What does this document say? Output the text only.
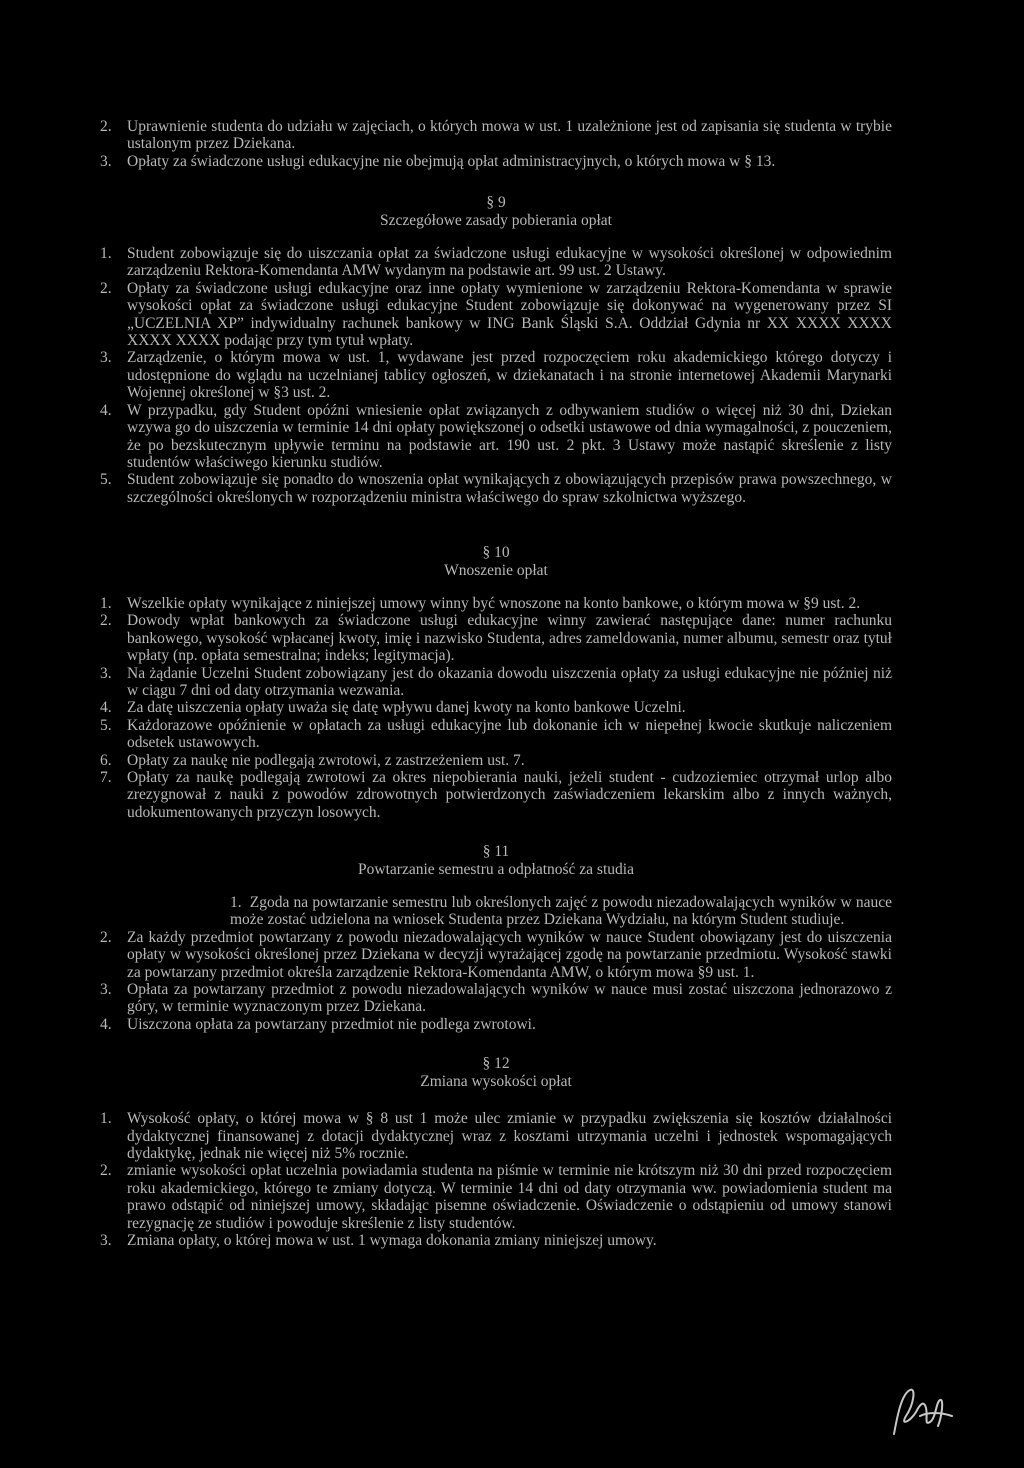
2. Uprawnienie studenta do udziału w zajęciach, o których mowa w ust. 1 uzależnione jest od zapisania się studenta w trybie ustalonym przez Dziekana.
3. Opłaty za świadczone usługi edukacyjne nie obejmują opłat administracyjnych, o których mowa w § 13.
§ 9
Szczegółowe zasady pobierania opłat
1. Student zobowiązuje się do uiszczania opłat za świadczone usługi edukacyjne w wysokości określonej w odpowiednim zarządzeniu Rektora-Komendanta AMW wydanym na podstawie art. 99 ust. 2 Ustawy.
2. Opłaty za świadczone usługi edukacyjne oraz inne opłaty wymienione w zarządzeniu Rektora-Komendanta w sprawie wysokości opłat za świadczone usługi edukacyjne Student zobowiązuje się dokonywać na wygenerowany przez SI „UCZELNIA XP” indywidualny rachunek bankowy w ING Bank Śląski S.A. Oddział Gdynia nr XX XXXX XXXX XXXX XXXX podając przy tym tytuł wpłaty.
3. Zarządzenie, o którym mowa w ust. 1, wydawane jest przed rozpoczęciem roku akademickiego którego dotyczy i udostępnione do wglądu na uczelnianej tablicy ogłoszeń, w dziekanatach i na stronie internetowej Akademii Marynarki Wojennej określonej w §3 ust. 2.
4. W przypadku, gdy Student opóźni wniesienie opłat związanych z odbywaniem studiów o więcej niż 30 dni, Dziekan wzywa go do uiszczenia w terminie 14 dni opłaty powiększonej o odsetki ustawowe od dnia wymagalności, z pouczeniem, że po bezskutecznym upływie terminu na podstawie art. 190 ust. 2 pkt. 3 Ustawy może nastąpić skreślenie z listy studentów właściwego kierunku studiów.
5. Student zobowiązuje się ponadto do wnoszenia opłat wynikających z obowiązujących przepisów prawa powszechnego, w szczególności określonych w rozporządzeniu ministra właściwego do spraw szkolnictwa wyższego.
§ 10
Wnoszenie opłat
1. Wszelkie opłaty wynikające z niniejszej umowy winny być wnoszone na konto bankowe, o którym mowa w §9 ust. 2.
2. Dowody wpłat bankowych za świadczone usługi edukacyjne winny zawierać następujące dane: numer rachunku bankowego, wysokość wpłacanej kwoty, imię i nazwisko Studenta, adres zameldowania, numer albumu, semestr oraz tytuł wpłaty (np. opłata semestralna; indeks; legitymacja).
3. Na żądanie Uczelni Student zobowiązany jest do okazania dowodu uiszczenia opłaty za usługi edukacyjne nie później niż w ciągu 7 dni od daty otrzymania wezwania.
4. Za datę uiszczenia opłaty uważa się datę wpływu danej kwoty na konto bankowe Uczelni.
5. Każdorazowe opóźnienie w opłatach za usługi edukacyjne lub dokonanie ich w niepełnej kwocie skutkuje naliczeniem odsetek ustawowych.
6. Opłaty za naukę nie podlegają zwrotowi, z zastrzeżeniem ust. 7.
7. Opłaty za naukę podlegają zwrotowi za okres niepobierania nauki, jeżeli student - cudzoziemiec otrzymał urlop albo zrezygnował z nauki z powodów zdrowotnych potwierdzonych zaświadczeniem lekarskim albo z innych ważnych, udokumentowanych przyczyn losowych.
§ 11
Powtarzanie semestru a odpłatność za studia
1. Zgoda na powtarzanie semestru lub określonych zajęć z powodu niezadowalających wyników w nauce może zostać udzielona na wniosek Studenta przez Dziekana Wydziału, na którym Student studiuje.
2. Za każdy przedmiot powtarzany z powodu niezadowalających wyników w nauce Student obowiązany jest do uiszczenia opłaty w wysokości określonej przez Dziekana w decyzji wyrażającej zgodę na powtarzanie przedmiotu. Wysokość stawki za powtarzany przedmiot określa zarządzenie Rektora-Komendanta AMW, o którym mowa §9 ust. 1.
3. Opłata za powtarzany przedmiot z powodu niezadowalających wyników w nauce musi zostać uiszczona jednorazowo z góry, w terminie wyznaczonym przez Dziekana.
4. Uiszczona opłata za powtarzany przedmiot nie podlega zwrotowi.
§ 12
Zmiana wysokości opłat
1. Wysokość opłaty, o której mowa w § 8 ust 1 może ulec zmianie w przypadku zwiększenia się kosztów działalności dydaktycznej finansowanej z dotacji dydaktycznej wraz z kosztami utrzymania uczelni i jednostek wspomagających dydaktykę, jednak nie więcej niż 5% rocznie.
2. zmianie wysokości opłat uczelnia powiadamia studenta na piśmie w terminie nie krótszym niż 30 dni przed rozpoczęciem roku akademickiego, którego te zmiany dotyczą. W terminie 14 dni od daty otrzymania ww. powiadomienia student ma prawo odstąpić od niniejszej umowy, składając pisemne oświadczenie. Oświadczenie o odstąpieniu od umowy stanowi rezygnację ze studiów i powoduje skreślenie z listy studentów.
3. Zmiana opłaty, o której mowa w ust. 1 wymaga dokonania zmiany niniejszej umowy.
